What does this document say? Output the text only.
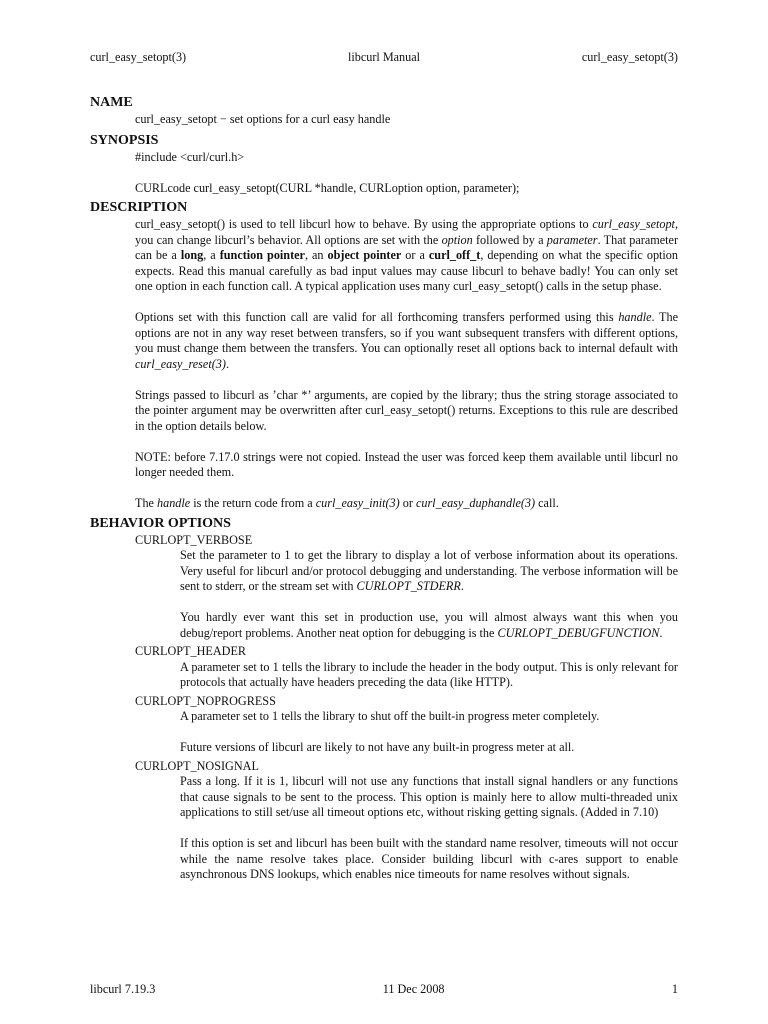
curl_easy_setopt(3)	libcurl Manual	curl_easy_setopt(3)
NAME

curl_easy_setopt − set options for a curl easy handle

SYNOPSIS

#include <curl/curl.h>

CURLcode curl_easy_setopt(CURL *handle, CURLoption option, parameter);

DESCRIPTION

curl_easy_setopt() is used to tell libcurl how to behave. By using the appropriate options to curl_easy_setopt, you can change libcurl’s behavior. All options are set with the option followed by a parameter. That parameter can be a long, a function pointer, an object pointer or a curl_off_t, depending on what the specific option expects. Read this manual carefully as bad input values may cause libcurl to behave badly! You can only set one option in each function call. A typical application uses many curl_easy_setopt() calls in the setup phase.

Options set with this function call are valid for all forthcoming transfers performed using this handle. The options are not in any way reset between transfers, so if you want subsequent transfers with different options, you must change them between the transfers. You can optionally reset all options back to internal default with curl_easy_reset(3).

Strings passed to libcurl as ’char *’ arguments, are copied by the library; thus the string storage associated to the pointer argument may be overwritten after curl_easy_setopt() returns. Exceptions to this rule are described in the option details below.

NOTE: before 7.17.0 strings were not copied. Instead the user was forced keep them available until libcurl no longer needed them.

The handle is the return code from a curl_easy_init(3) or curl_easy_duphandle(3) call.

BEHAVIOR OPTIONS
CURLOPT_VERBOSE

Set the parameter to 1 to get the library to display a lot of verbose information about its operations. Very useful for libcurl and/or protocol debugging and understanding. The verbose information will be sent to stderr, or the stream set with CURLOPT_STDERR.

You hardly ever want this set in production use, you will almost always want this when you debug/report problems. Another neat option for debugging is the CURLOPT_DEBUGFUNCTION.

CURLOPT_HEADER

A parameter set to 1 tells the library to include the header in the body output. This is only relevant for protocols that actually have headers preceding the data (like HTTP).

CURLOPT_NOPROGRESS

A parameter set to 1 tells the library to shut off the built-in progress meter completely.

Future versions of libcurl are likely to not have any built-in progress meter at all.

CURLOPT_NOSIGNAL

Pass a long. If it is 1, libcurl will not use any functions that install signal handlers or any functions that cause signals to be sent to the process. This option is mainly here to allow multi-threaded unix applications to still set/use all timeout options etc, without risking getting signals. (Added in 7.10)

If this option is set and libcurl has been built with the standard name resolver, timeouts will not occur while the name resolve takes place. Consider building libcurl with c-ares support to enable asynchronous DNS lookups, which enables nice timeouts for name resolves without signals.

libcurl 7.19.3	11 Dec 2008	1
